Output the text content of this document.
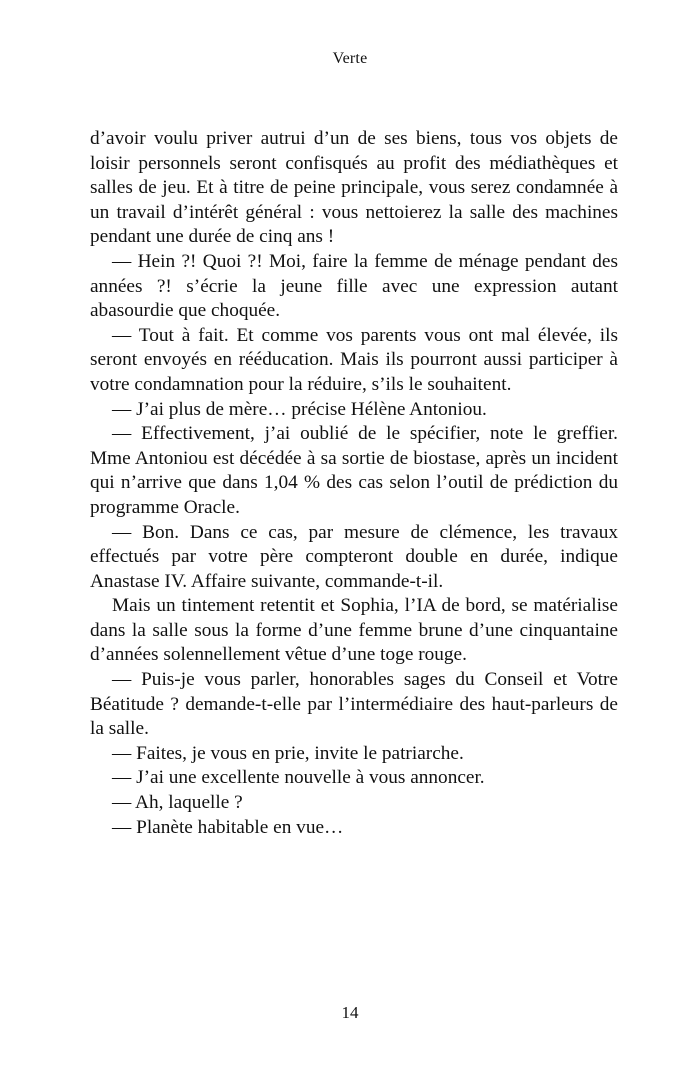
Verte

d’avoir voulu priver autrui d’un de ses biens, tous vos objets de loisir personnels seront confisqués au profit des médiathèques et salles de jeu. Et à titre de peine principale, vous serez condamnée à un travail d’intérêt général : vous nettoierez la salle des machines pendant une durée de cinq ans !

— Hein ?! Quoi ?! Moi, faire la femme de ménage pendant des années ?! s’écrie la jeune fille avec une expression autant abasourdie que choquée.

— Tout à fait. Et comme vos parents vous ont mal élevée, ils seront envoyés en rééducation. Mais ils pourront aussi participer à votre condamnation pour la réduire, s’ils le souhaitent.

— J’ai plus de mère… précise Hélène Antoniou.

— Effectivement, j’ai oublié de le spécifier, note le greffier. Mme Antoniou est décédée à sa sortie de biostase, après un incident qui n’arrive que dans 1,04 % des cas selon l’outil de prédiction du programme Oracle.

— Bon. Dans ce cas, par mesure de clémence, les travaux effectués par votre père compteront double en durée, indique Anastase IV. Affaire suivante, commande-t-il.

Mais un tintement retentit et Sophia, l’IA de bord, se matérialise dans la salle sous la forme d’une femme brune d’une cinquantaine d’années solennellement vêtue d’une toge rouge.

— Puis-je vous parler, honorables sages du Conseil et Votre Béatitude ? demande-t-elle par l’intermédiaire des haut-parleurs de la salle.

— Faites, je vous en prie, invite le patriarche.

— J’ai une excellente nouvelle à vous annoncer.

— Ah, laquelle ?

— Planète habitable en vue…

14
